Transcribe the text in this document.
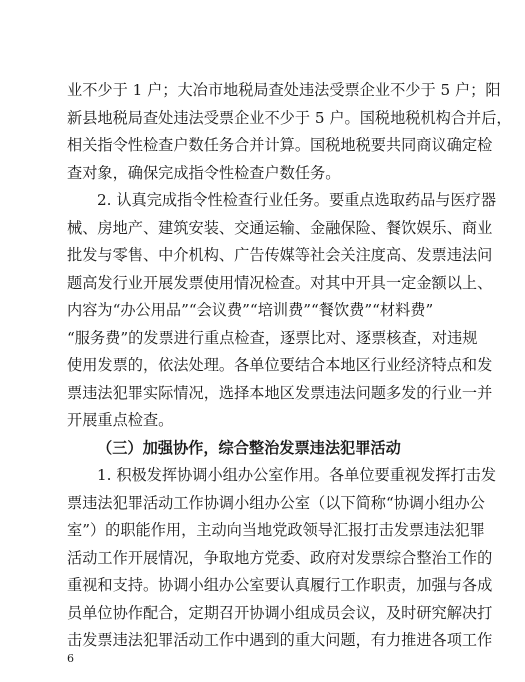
业不少于 1 户；大冶市地税局查处违法受票企业不少于 5 户；阳
新县地税局查处违法受票企业不少于 5 户。国税地税机构合并后，
相关指令性检查户数任务合并计算。国税地税要共同商议确定检
查对象，确保完成指令性检查户数任务。
2. 认真完成指令性检查行业任务。要重点选取药品与医疗器
械、房地产、建筑安装、交通运输、金融保险、餐饮娱乐、商业
批发与零售、中介机构、广告传媒等社会关注度高、发票违法问
题高发行业开展发票使用情况检查。对其中开具一定金额以上、
内容为“办公用品”“会议费”“培训费”“餐饮费”“材料费”
“服务费”的发票进行重点检查，逐票比对、逐票核查，对违规
使用发票的，依法处理。各单位要结合本地区行业经济特点和发
票违法犯罪实际情况，选择本地区发票违法问题多发的行业一并
开展重点检查。
（三）加强协作，综合整治发票违法犯罪活动
1. 积极发挥协调小组办公室作用。各单位要重视发挥打击发
票违法犯罪活动工作协调小组办公室（以下简称“协调小组办公
室”）的职能作用，主动向当地党政领导汇报打击发票违法犯罪
活动工作开展情况，争取地方党委、政府对发票综合整治工作的
重视和支持。协调小组办公室要认真履行工作职责，加强与各成
员单位协作配合，定期召开协调小组成员会议，及时研究解决打
击发票违法犯罪活动工作中遇到的重大问题，有力推进各项工作
6
